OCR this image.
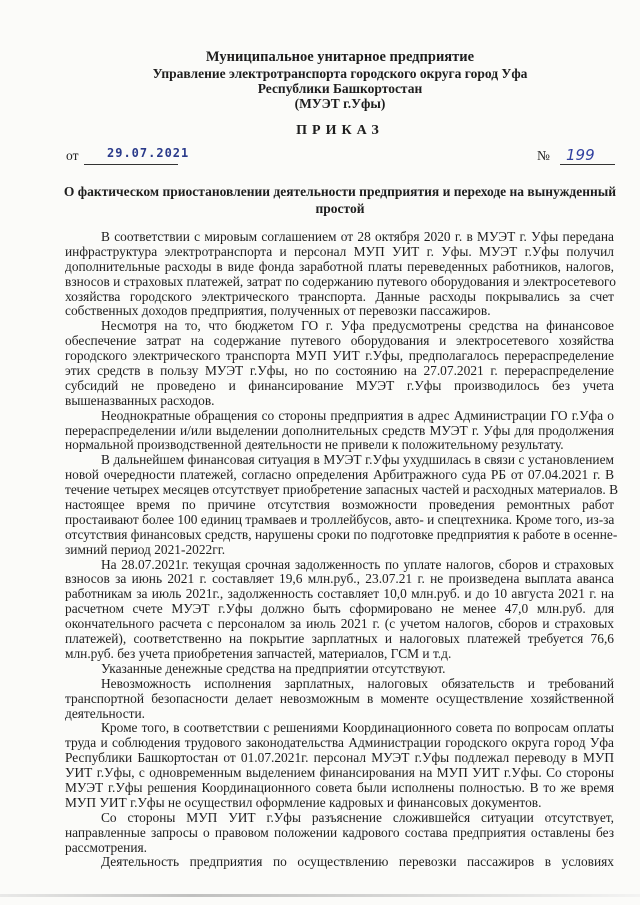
Муниципальное унитарное предприятие
Управление электротранспорта городского округа город Уфа
Республики Башкортостан
(МУЭТ г.Уфы)
ПРИКАЗ
от 29.07.2021	№ 199
О фактическом приостановлении деятельности предприятия и переходе на вынужденный
простой
В соответствии с мировым соглашением от 28 октября 2020 г. в МУЭТ г. Уфы передана
инфраструктура электротранспорта и персонал МУП УИТ г. Уфы. МУЭТ г.Уфы получил
дополнительные расходы в виде фонда заработной платы переведенных работников, налогов,
взносов и страховых платежей, затрат по содержанию путевого оборудования и электросетевого
хозяйства городского электрического транспорта. Данные расходы покрывались за счет
собственных доходов предприятия, полученных от перевозки пассажиров.
Несмотря на то, что бюджетом ГО г. Уфа предусмотрены средства на финансовое
обеспечение затрат на содержание путевого оборудования и электросетевого хозяйства
городского электрического транспорта МУП УИТ г.Уфы, предполагалось перераспределение
этих средств в пользу МУЭТ г.Уфы, но по состоянию на 27.07.2021 г. перераспределение
субсидий не проведено и финансирование МУЭТ г.Уфы производилось без учета
вышеназванных расходов.
Неоднократные обращения со стороны предприятия в адрес Администрации ГО г.Уфа о
перераспределении и/или выделении дополнительных средств МУЭТ г. Уфы для продолжения
нормальной производственной деятельности не привели к положительному результату.
В дальнейшем финансовая ситуация в МУЭТ г.Уфы ухудшилась в связи с установлением
новой очередности платежей, согласно определения Арбитражного суда РБ от 07.04.2021 г. В
течение четырех месяцев отсутствует приобретение запасных частей и расходных материалов. В
настоящее время по причине отсутствия возможности проведения ремонтных работ
простаивают более 100 единиц трамваев и троллейбусов, авто- и спецтехника. Кроме того, из-за
отсутствия финансовых средств, нарушены сроки по подготовке предприятия к работе в осенне-
зимний период 2021-2022гг.
На 28.07.2021г. текущая срочная задолженность по уплате налогов, сборов и страховых
взносов за июнь 2021 г. составляет 19,6 млн.руб., 23.07.21 г. не произведена выплата аванса
работникам за июль 2021г., задолженность составляет 10,0 млн.руб. и до 10 августа 2021 г. на
расчетном счете МУЭТ г.Уфы должно быть сформировано не менее 47,0 млн.руб. для
окончательного расчета с персоналом за июль 2021 г. (с учетом налогов, сборов и страховых
платежей), соответственно на покрытие зарплатных и налоговых платежей требуется 76,6
млн.руб. без учета приобретения запчастей, материалов, ГСМ и т.д.
Указанные денежные средства на предприятии отсутствуют.
Невозможность исполнения зарплатных, налоговых обязательств и требований
транспортной безопасности делает невозможным в моменте осуществление хозяйственной
деятельности.
Кроме того, в соответствии с решениями Координационного совета по вопросам оплаты
труда и соблюдения трудового законодательства Администрации городского округа город Уфа
Республики Башкортостан от 01.07.2021г. персонал МУЭТ г.Уфы подлежал переводу в МУП
УИТ г.Уфы, с одновременным выделением финансирования на МУП УИТ г.Уфы. Со стороны
МУЭТ г.Уфы решения Координационного совета были исполнены полностью. В то же время
МУП УИТ г.Уфы не осуществил оформление кадровых и финансовых документов.
Со стороны МУП УИТ г.Уфы разъяснение сложившейся ситуации отсутствует,
направленные запросы о правовом положении кадрового состава предприятия оставлены без
рассмотрения.
Деятельность предприятия по осуществлению перевозки пассажиров в условиях
